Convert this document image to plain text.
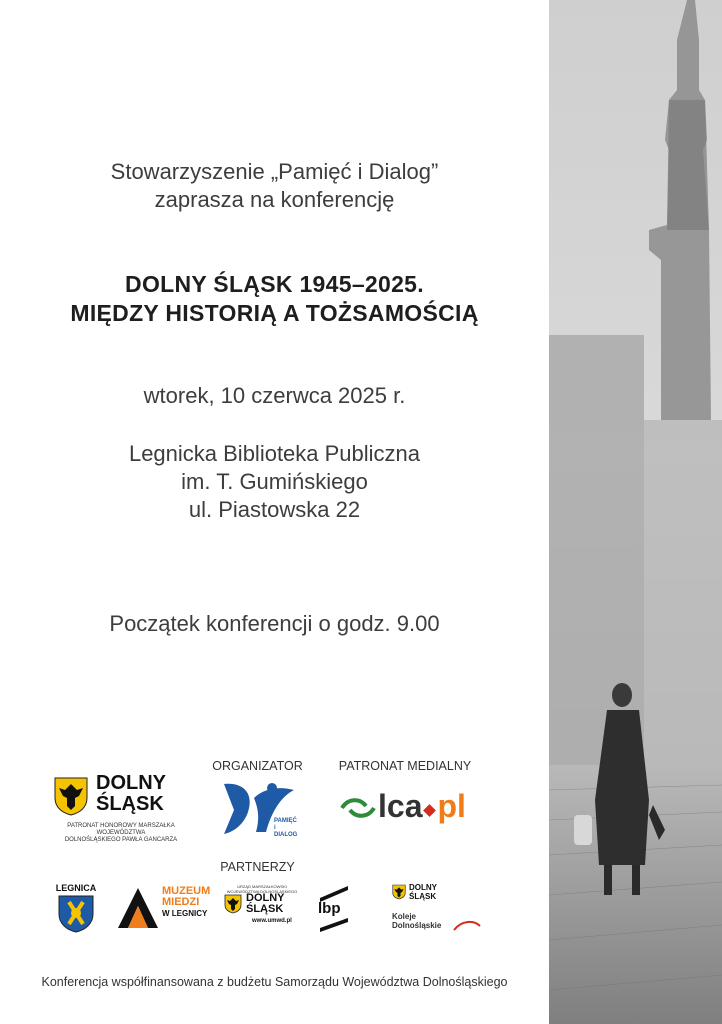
Stowarzyszenie „Pamięć i Dialog”
zaprasza na konferencję
DOLNY ŚLĄSK 1945–2025.
MIĘDZY HISTORIĄ A TOŻSAMOŚCIĄ
wtorek, 10 czerwca 2025 r.
Legnicka Biblioteka Publiczna
im. T. Gumińskiego
ul. Piastowska 22
Początek konferencji o godz. 9.00
ORGANIZATOR	PATRONAT MEDIALNY
PARTNERZY
DOLNY
ŚLĄSK
PATRONAT HONOROWY MARSZAŁKA WOJEWÓDZTWA
DOLNOŚLĄSKIEGO PAWŁA GANCARZA
PAMIĘĆ
i DIALOG
lca pl
LEGNICA	MUZEUM
MIEDZI
W LEGNICY
URZĄD MARSZAŁKOWSKI WOJEWÓDZTWA DOLNOŚLĄSKIEGO
DOLNY
ŚLĄSK
www.umwd.pl
lbp
DOLNY
ŚLĄSK
Koleje
Dolnośląskie
Konferencja współfinansowana z budżetu Samorządu Województwa Dolnośląskiego
